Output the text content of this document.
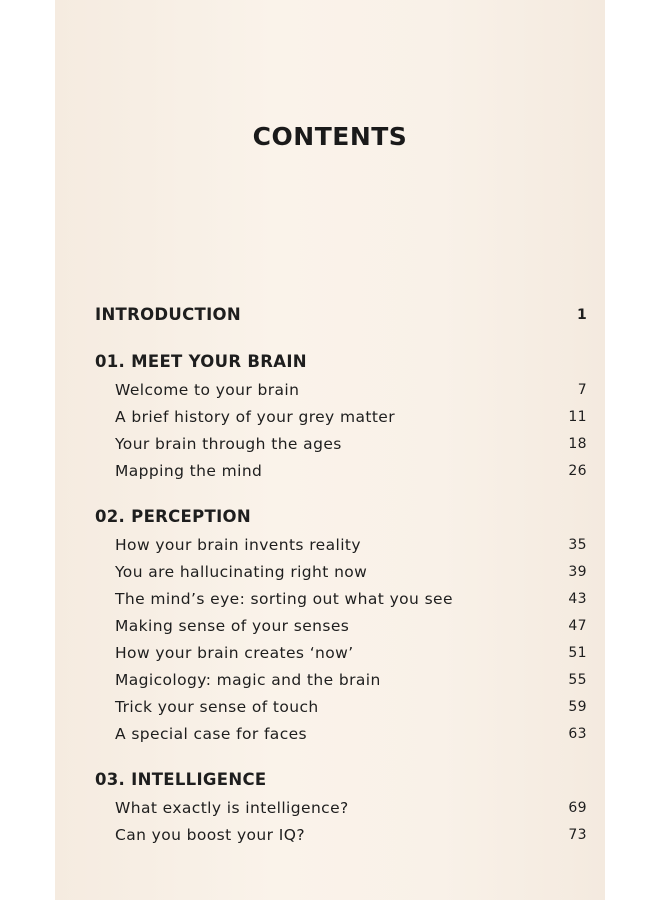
CONTENTS
INTRODUCTION	1
01. MEET YOUR BRAIN
Welcome to your brain	7
A brief history of your grey matter	11
Your brain through the ages	18
Mapping the mind	26
02. PERCEPTION
How your brain invents reality	35
You are hallucinating right now	39
The mind’s eye: sorting out what you see	43
Making sense of your senses	47
How your brain creates ‘now’	51
Magicology: magic and the brain	55
Trick your sense of touch	59
A special case for faces	63
03. INTELLIGENCE
What exactly is intelligence?	69
Can you boost your IQ?	73
